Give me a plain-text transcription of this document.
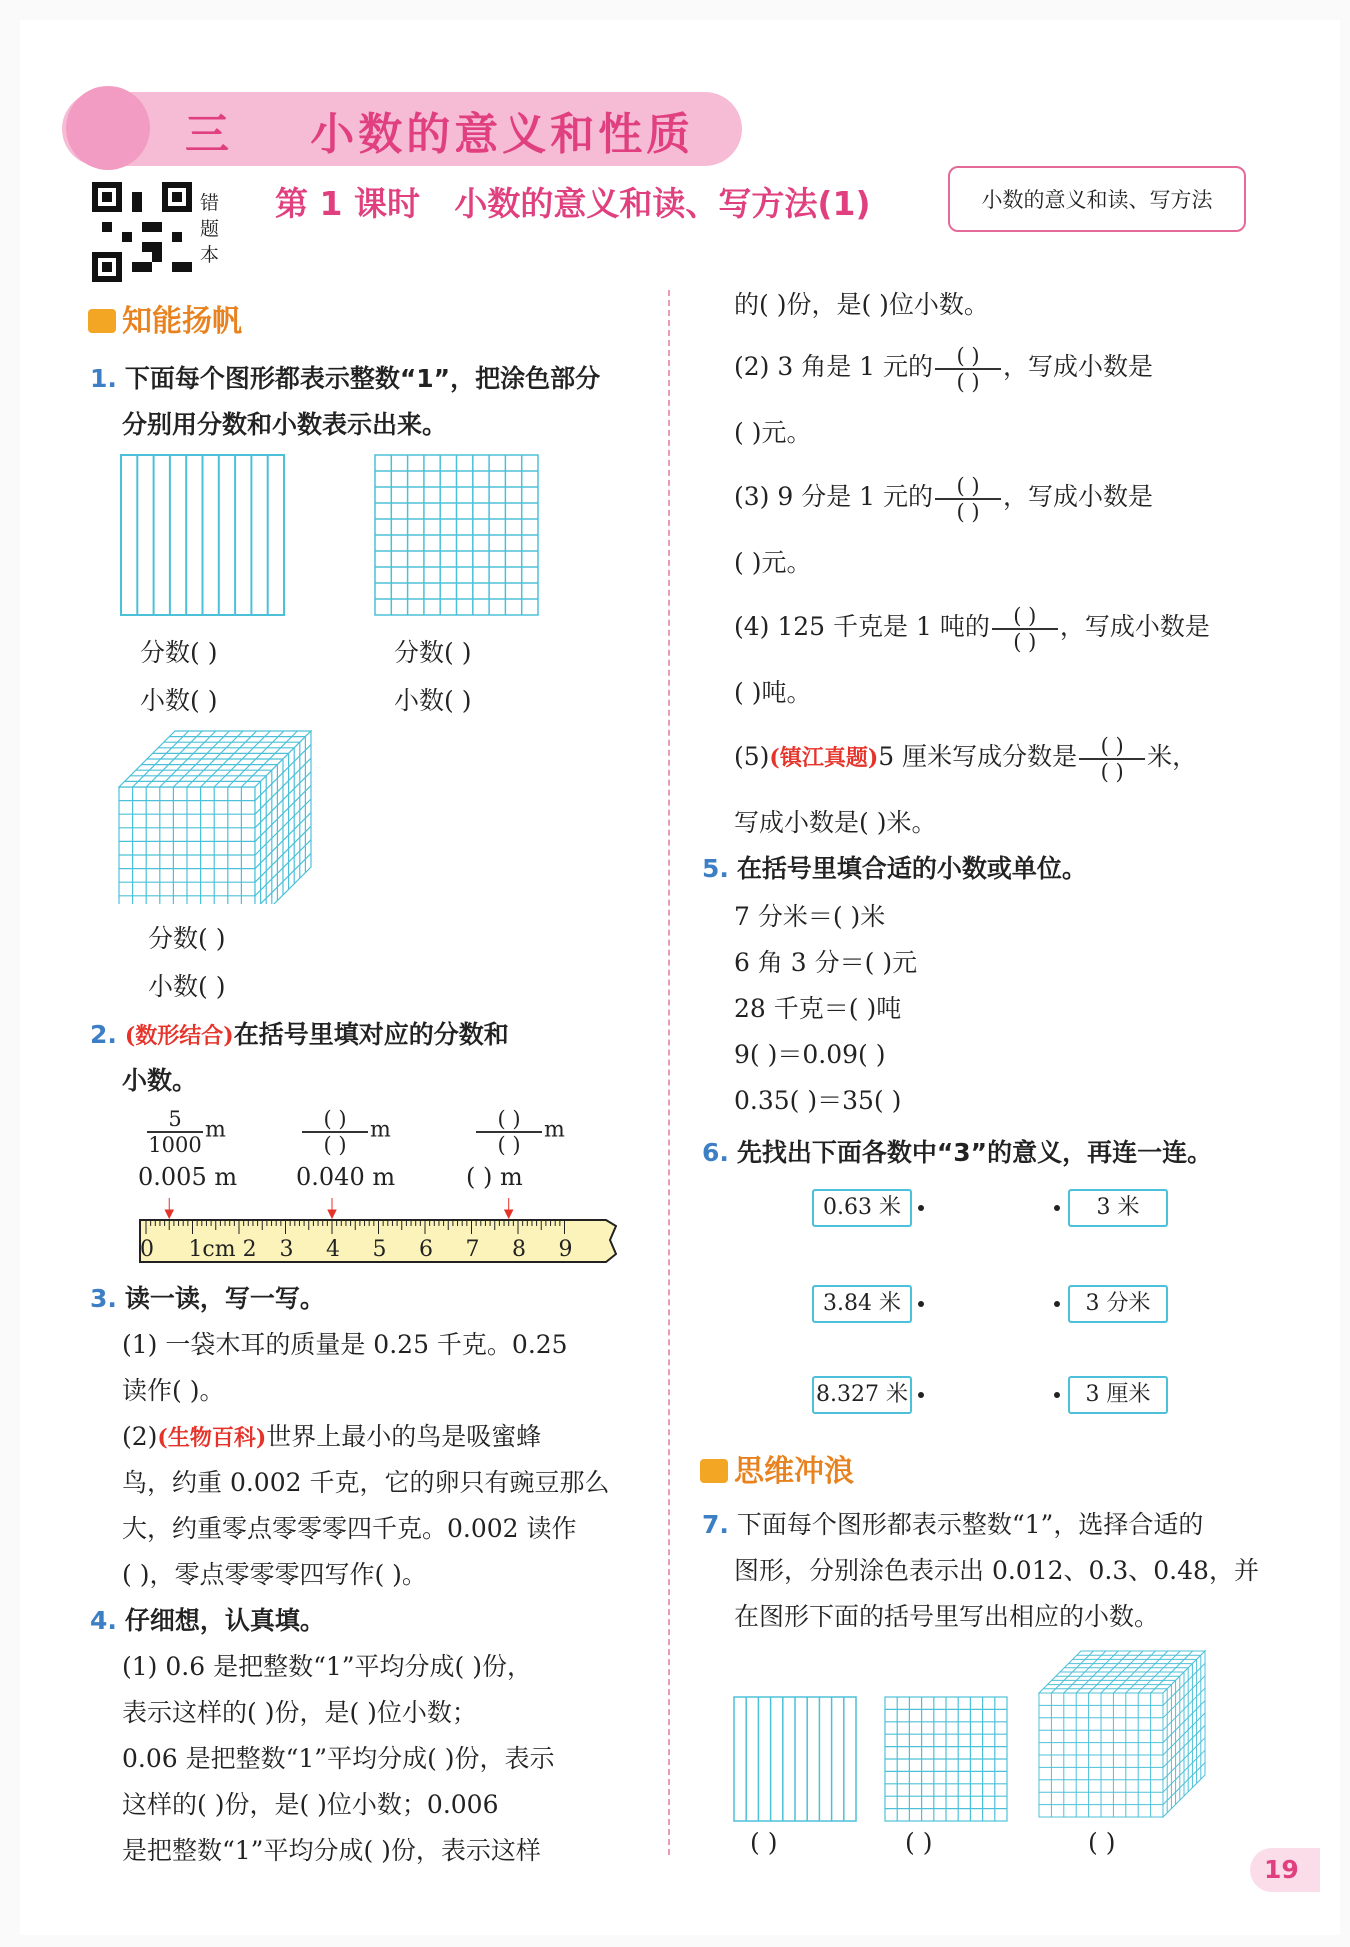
三    小数的意义和性质
错题本
第 1 课时   小数的意义和读、写方法(1)	小数的意义和读、写方法
知能扬帆
1. 下面每个图形都表示整数“1”，把涂色部分
分别用分数和小数表示出来。
分数( )
小数( )
分数( )
小数( )
分数( )
小数( )
2. (数形结合)在括号里填对应的分数和
小数。
$\frac{5}{1000}m$	$\frac{( )}{( )}m$	$\frac{( )}{( )}m$
0.005 m 0.040 m	( ) m
0 1cm 2 3 4 5 6 7 8 9
3. 读一读，写一写。
(1) 一袋木耳的质量是 0.25 千克。0.25
读作( )。
(2)(生物百科)世界上最小的鸟是吸蜜蜂
鸟，约重 0.002 千克，它的卵只有豌豆那么
大，约重零点零零零四千克。0.002 读作
( )，零点零零零四写作( )。
4. 仔细想，认真填。
(1) 0.6 是把整数“1”平均分成( )份，
表示这样的( )份，是( )位小数；
0.06 是把整数“1”平均分成( )份，表示
这样的( )份，是( )位小数；0.006
是把整数“1”平均分成( )份，表示这样
的( )份，是( )位小数。
(2) 3 角是 1 元的$\frac{( )}{( )}$，写成小数是
( )元。
(3) 9 分是 1 元的$\frac{( )}{( )}$，写成小数是
( )元。
(4) 125 千克是 1 吨的$\frac{( )}{( )}$，写成小数是
( )吨。
(5)(镇江真题)5 厘米写成分数是$\frac{( )}{( )}$米，
写成小数是( )米。
5. 在括号里填合适的小数或单位。
7 分米＝( )米
6 角 3 分＝( )元
28 千克＝( )吨
9( )＝0.09( )
0.35( )＝35( )
6. 先找出下面各数中“3”的意义，再连一连。
0.63 米
3.84 米
8.327 米
3 米
3 分米
3 厘米
思维冲浪
7. 下面每个图形都表示整数“1”，选择合适的
图形，分别涂色表示出 0.012、0.3、0.48，并
在图形下面的括号里写出相应的小数。
( )	( )	( )
19
